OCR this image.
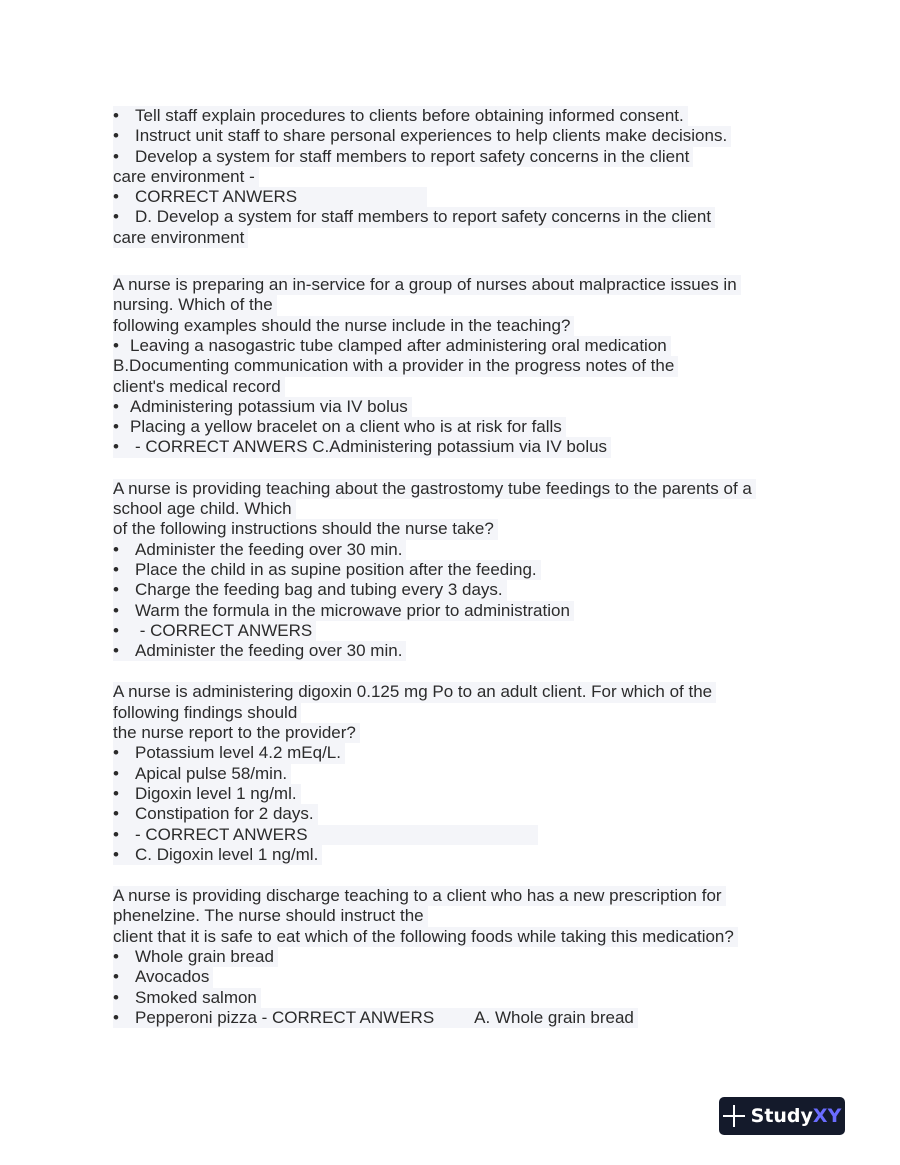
• Tell staff explain procedures to clients before obtaining informed consent.
• Instruct unit staff to share personal experiences to help clients make decisions.
• Develop a system for staff members to report safety concerns in the client
care environment -
• CORRECT ANWERS
• D. Develop a system for staff members to report safety concerns in the client
care environment
A nurse is preparing an in-service for a group of nurses about malpractice issues in
nursing. Which of the
following examples should the nurse include in the teaching?
• Leaving a nasogastric tube clamped after administering oral medication
B.Documenting communication with a provider in the progress notes of the
client's medical record
• Administering potassium via IV bolus
• Placing a yellow bracelet on a client who is at risk for falls
• - CORRECT ANWERS C.Administering potassium via IV bolus
A nurse is providing teaching about the gastrostomy tube feedings to the parents of a
school age child. Which
of the following instructions should the nurse take?
• Administer the feeding over 30 min.
• Place the child in as supine position after the feeding.
• Charge the feeding bag and tubing every 3 days.
• Warm the formula in the microwave prior to administration
• - CORRECT ANWERS
• Administer the feeding over 30 min.
A nurse is administering digoxin 0.125 mg Po to an adult client. For which of the
following findings should
the nurse report to the provider?
• Potassium level 4.2 mEq/L.
• Apical pulse 58/min.
• Digoxin level 1 ng/ml.
• Constipation for 2 days.
• - CORRECT ANWERS
• C. Digoxin level 1 ng/ml.
A nurse is providing discharge teaching to a client who has a new prescription for
phenelzine. The nurse should instruct the
client that it is safe to eat which of the following foods while taking this medication?
• Whole grain bread
• Avocados
• Smoked salmon
• Pepperoni pizza - CORRECT ANWERS A. Whole grain bread
StudyXY
